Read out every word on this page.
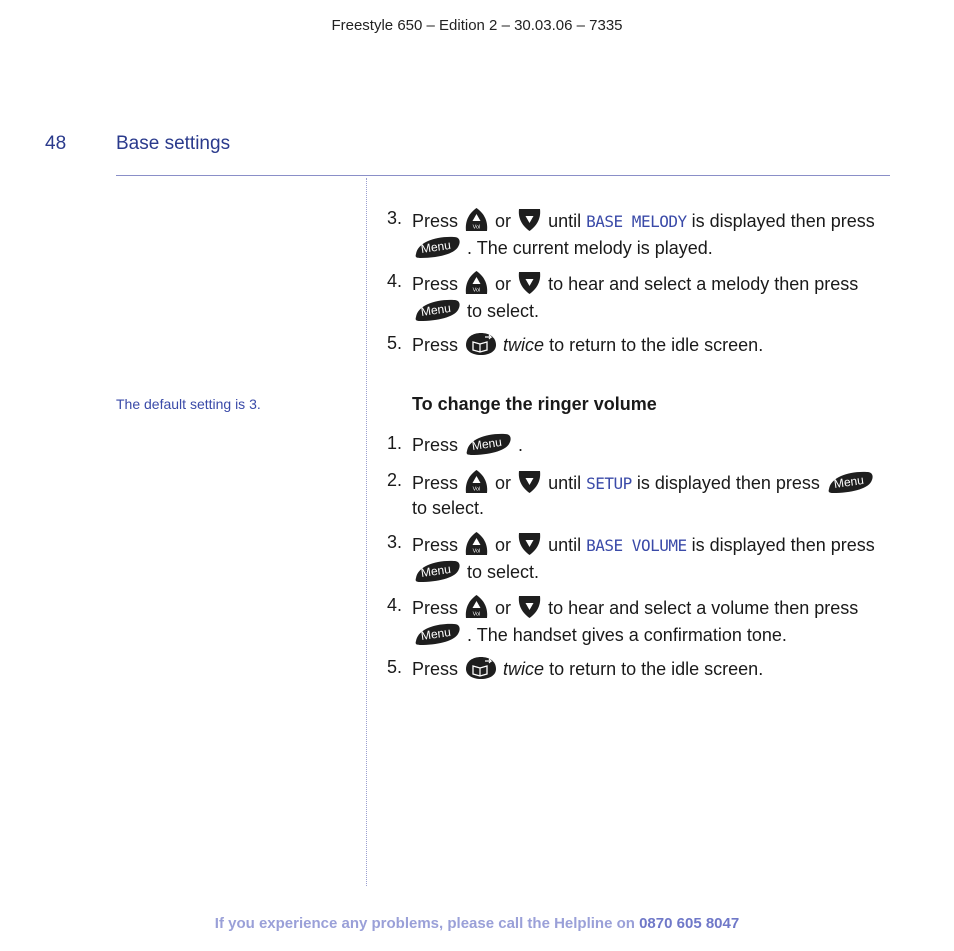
Freestyle 650 – Edition 2 – 30.03.06 – 7335
48	Base settings
The default setting is 3.
3. Press	Vol or until BASE MELODY is displayed then press
Menu . The current melody is played.
4. Press	Vol or to hear and select a melody then press
Menu to select.
5. Press	twice to return to the idle screen.
To change the ringer volume
1. Press Menu .
2. Press	Vol or until SETUP is displayed then press Menu
to select.
3. Press	Vol or until BASE VOLUME is displayed then press
Menu to select.
4. Press	Vol or to hear and select a volume then press
Menu . The handset gives a confirmation tone.
5. Press	twice to return to the idle screen.
If you experience any problems, please call the Helpline on 0870 605 8047
